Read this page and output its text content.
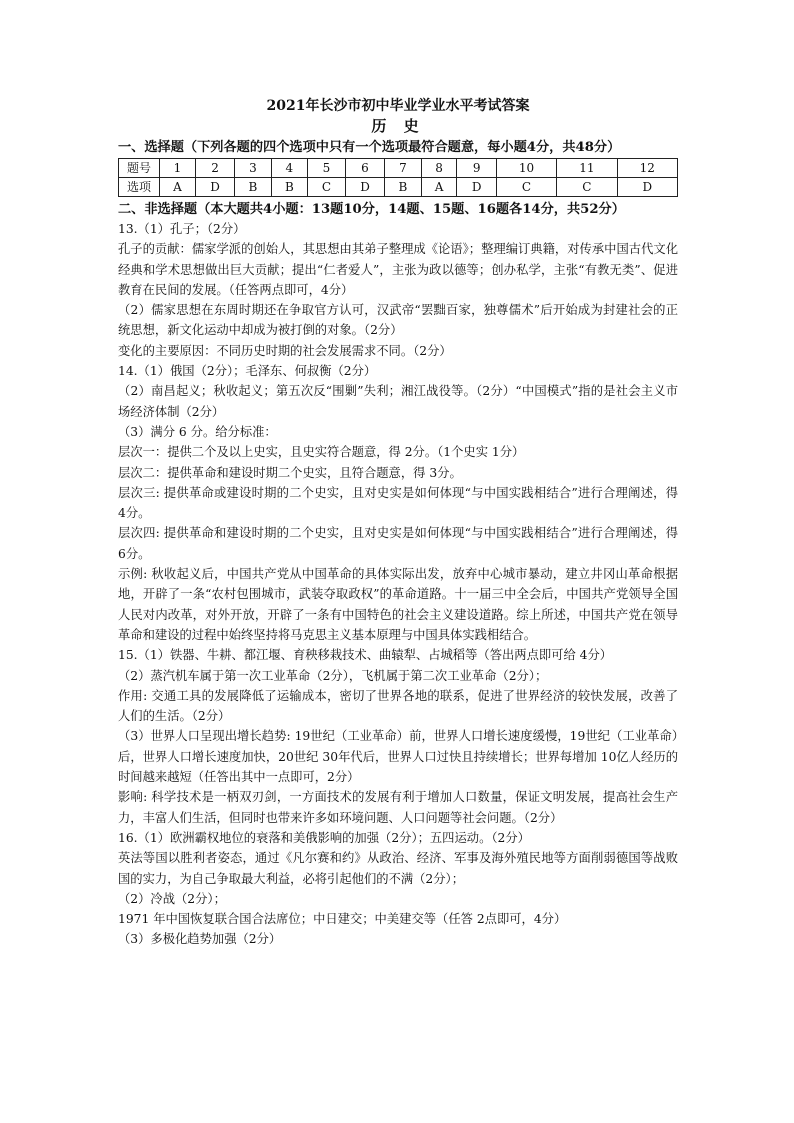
2021年长沙市初中毕业学业水平考试答案

历 史

一、选择题（下列各题的四个选项中只有一个选项最符合题意，每小题4分，共48分）

题号	1	2	3	4	5	6	7	8	9	10	11	12
选项	A	D	B	B	C	D	B	A	D	C	C	D

二、非选择题（本大题共4小题：13题10分，14题、15题、16题各14分，共52分）

13.（1）孔子；（2分）

孔子的贡献：儒家学派的创始人，其思想由其弟子整理成《论语》；整理编订典籍，对传承中国古代文化经典和学术思想做出巨大贡献；提出“仁者爱人”，主张为政以德等；创办私学，主张“有教无类”、促进教育在民间的发展。（任答两点即可，4分）

（2）儒家思想在东周时期还在争取官方认可，汉武帝“罢黜百家，独尊儒术”后开始成为封建社会的正统思想，新文化运动中却成为被打倒的对象。（2分）

变化的主要原因：不同历史时期的社会发展需求不同。（2分）

14.（1）俄国（2分）；毛泽东、何叔衡（2分）

（2）南昌起义；秋收起义；第五次反“围剿”失利；湘江战役等。（2分）“中国模式”指的是社会主义市场经济体制（2分）

（3）满分 6 分。给分标准：

层次一：提供二个及以上史实，且史实符合题意，得 2分。（1个史实 1分）

层次二：提供革命和建设时期二个史实，且符合题意，得 3分。

层次三: 提供革命或建设时期的二个史实，且对史实是如何体现“与中国实践相结合”进行合理阐述，得 4分。

层次四: 提供革命和建设时期的二个史实，且对史实是如何体现“与中国实践相结合”进行合理阐述，得 6分。

示例: 秋收起义后，中国共产党从中国革命的具体实际出发，放弃中心城市暴动，建立井冈山革命根据地，开辟了一条“农村包围城市，武装夺取政权”的革命道路。十一届三中全会后，中国共产党领导全国人民对内改革，对外开放，开辟了一条有中国特色的社会主义建设道路。综上所述，中国共产党在领导革命和建设的过程中始终坚持将马克思主义基本原理与中国具体实践相结合。

15.（1）铁器、牛耕、都江堰、育秧移栽技术、曲辕犁、占城稻等（答出两点即可给 4分）

（2）蒸汽机车属于第一次工业革命（2分），飞机属于第二次工业革命（2分）；

作用: 交通工具的发展降低了运输成本，密切了世界各地的联系，促进了世界经济的较快发展，改善了人们的生活。（2分）

（3）世界人口呈现出增长趋势: 19世纪（工业革命）前，世界人口增长速度缓慢，19世纪（工业革命）后，世界人口增长速度加快，20世纪 30年代后，世界人口过快且持续增长；世界每增加 10亿人经历的时间越来越短（任答出其中一点即可，2分）

影响: 科学技术是一柄双刃剑，一方面技术的发展有利于增加人口数量，保证文明发展，提高社会生产力，丰富人们生活，但同时也带来许多如环境问题、人口问题等社会问题。（2分）

16.（1）欧洲霸权地位的衰落和美俄影响的加强（2分）；五四运动。（2分）

英法等国以胜利者姿态，通过《凡尔赛和约》从政治、经济、军事及海外殖民地等方面削弱德国等战败国的实力，为自己争取最大利益，必将引起他们的不满（2分）；

（2）冷战（2分）；

1971 年中国恢复联合国合法席位；中日建交；中美建交等（任答 2点即可，4分）

（3）多极化趋势加强（2分）
